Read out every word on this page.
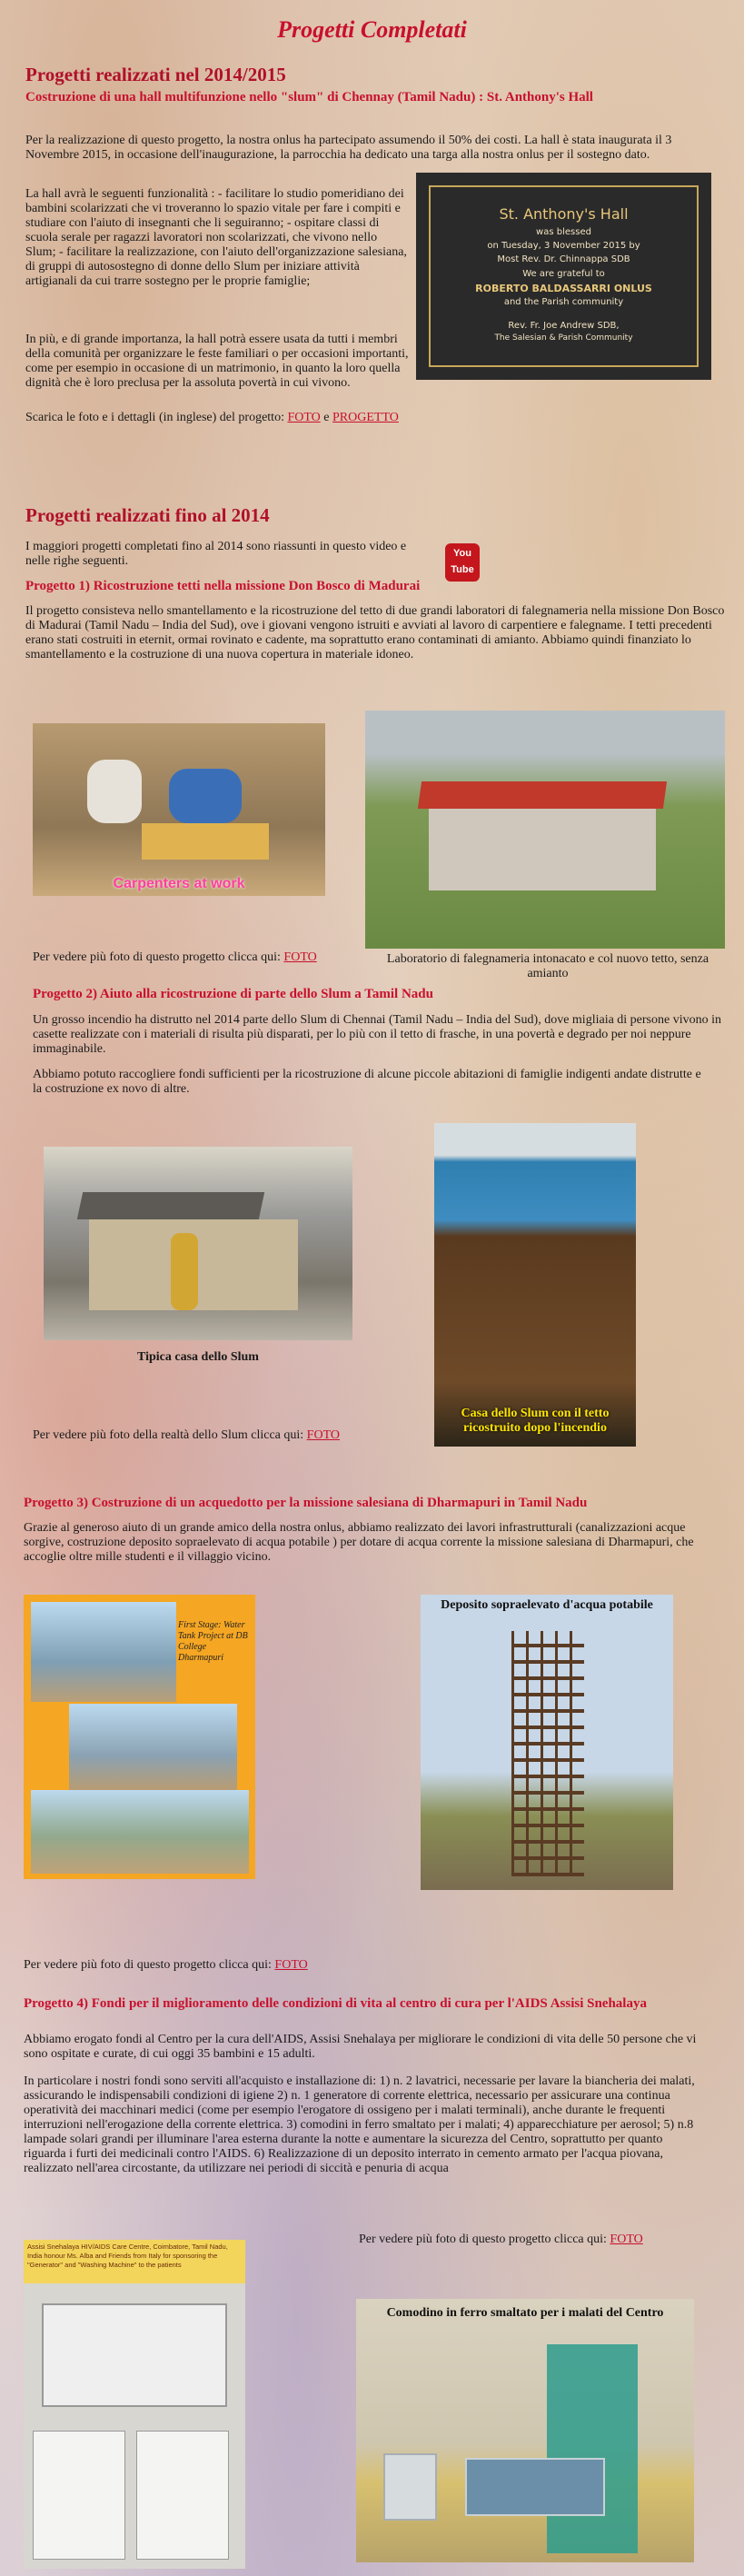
Progetti Completati
Progetti realizzati nel 2014/2015
Costruzione di una hall multifunzione nello "slum" di Chennay (Tamil Nadu) : St. Anthony's Hall

Per la realizzazione di questo progetto, la nostra onlus ha partecipato assumendo il 50% dei costi. La hall è stata inaugurata il 3 Novembre 2015, in occasione dell'inaugurazione, la parrocchia ha dedicato una targa alla nostra onlus per il sostegno dato.

La hall avrà le seguenti funzionalità : - facilitare lo studio pomeridiano dei bambini scolarizzati che vi troveranno lo spazio vitale per fare i compiti e studiare con l'aiuto di insegnanti che li seguiranno; - ospitare classi di scuola serale per ragazzi lavoratori non scolarizzati, che vivono nello Slum; - facilitare la realizzazione, con l'aiuto dell'organizzazione salesiana, di gruppi di autosostegno di donne dello Slum per iniziare attività artigianali da cui trarre sostegno per le proprie famiglie;

In più, e di grande importanza, la hall potrà essere usata da tutti i membri della comunità per organizzare le feste familiari o per occasioni importanti, come per esempio in occasione di un matrimonio, in quanto la loro quella dignità che è loro preclusa per la assoluta povertà in cui vivono.

Scarica le foto e i dettagli (in inglese) del progetto: FOTO e PROGETTO

St. Anthony's Hall
was blessed
on Tuesday, 3 November 2015 by
Most Rev. Dr. Chinnappa SDB
We are grateful to
ROBERTO BALDASSARRI ONLUS
and the Parish community
Rev. Fr. Joe Andrew SDB,
The Salesian & Parish Community
Progetti realizzati fino al 2014

I maggiori progetti completati fino al 2014 sono riassunti in questo video e nelle righe seguenti.

You Tube
Progetto 1) Ricostruzione tetti nella missione Don Bosco di Madurai

Il progetto consisteva nello smantellamento e la ricostruzione del tetto di due grandi laboratori di falegnameria nella missione Don Bosco di Madurai (Tamil Nadu – India del Sud), ove i giovani vengono istruiti e avviati al lavoro di carpentiere e falegname. I tetti precedenti erano stati costruiti in eternit, ormai rovinato e cadente, ma soprattutto erano contaminati di amianto. Abbiamo quindi finanziato lo smantellamento e la costruzione di una nuova copertura in materiale idoneo.

Carpenters at work

Per vedere più foto di questo progetto clicca qui: FOTO	Laboratorio di falegnameria intonacato e col nuovo tetto, senza amianto
Progetto 2) Aiuto alla ricostruzione di parte dello Slum a Tamil Nadu

Un grosso incendio ha distrutto nel 2014 parte dello Slum di Chennai (Tamil Nadu – India del Sud), dove migliaia di persone vivono in casette realizzate con i materiali di risulta più disparati, per lo più con il tetto di frasche, in una povertà e degrado per noi neppure immaginabile.

Abbiamo potuto raccogliere fondi sufficienti per la ricostruzione di alcune piccole abitazioni di famiglie indigenti andate distrutte e la costruzione ex novo di altre.

Tipica casa dello Slum
Casa dello Slum con il tetto ricostruito dopo l'incendio

Per vedere più foto della realtà dello Slum clicca qui: FOTO

Progetto 3) Costruzione di un acquedotto per la missione salesiana di Dharmapuri in Tamil Nadu

Grazie al generoso aiuto di un grande amico della nostra onlus, abbiamo realizzato dei lavori infrastrutturali (canalizzazioni acque sorgive, costruzione deposito sopraelevato di acqua potabile ) per dotare di acqua corrente la missione salesiana di Dharmapuri, che accoglie oltre mille studenti e il villaggio vicino.

First Stage: Water Tank Project at DB College Dharmapuri
Deposito sopraelevato d'acqua potabile

Per vedere più foto di questo progetto clicca qui: FOTO

Progetto 4) Fondi per il miglioramento delle condizioni di vita al centro di cura per l'AIDS Assisi Snehalaya

Abbiamo erogato fondi al Centro per la cura dell'AIDS, Assisi Snehalaya per migliorare le condizioni di vita delle 50 persone che vi sono ospitate e curate, di cui oggi 35 bambini e 15 adulti.

In particolare i nostri fondi sono serviti all'acquisto e installazione di: 1) n. 2 lavatrici, necessarie per lavare la biancheria dei malati, assicurando le indispensabili condizioni di igiene 2) n. 1 generatore di corrente elettrica, necessario per assicurare una continua operatività dei macchinari medici (come per esempio l'erogatore di ossigeno per i malati terminali), anche durante le frequenti interruzioni nell'erogazione della corrente elettrica. 3) comodini in ferro smaltato per i malati; 4) apparecchiature per aerosol; 5) n.8 lampade solari grandi per illuminare l'area esterna durante la notte e aumentare la sicurezza del Centro, soprattutto per quanto riguarda i furti dei medicinali contro l'AIDS. 6) Realizzazione di un deposito interrato in cemento armato per l'acqua piovana, realizzato nell'area circostante, da utilizzare nei periodi di siccità e penuria di acqua

Per vedere più foto di questo progetto clicca qui: FOTO

Assisi Snehalaya HIV/AIDS Care Centre, Coimbatore, Tamil Nadu, India honour Ms. Alba and Friends from Italy for sponsoring the "Generator" and "Washing Machine" to the patients
Comodino in ferro smaltato per i malati del Centro
